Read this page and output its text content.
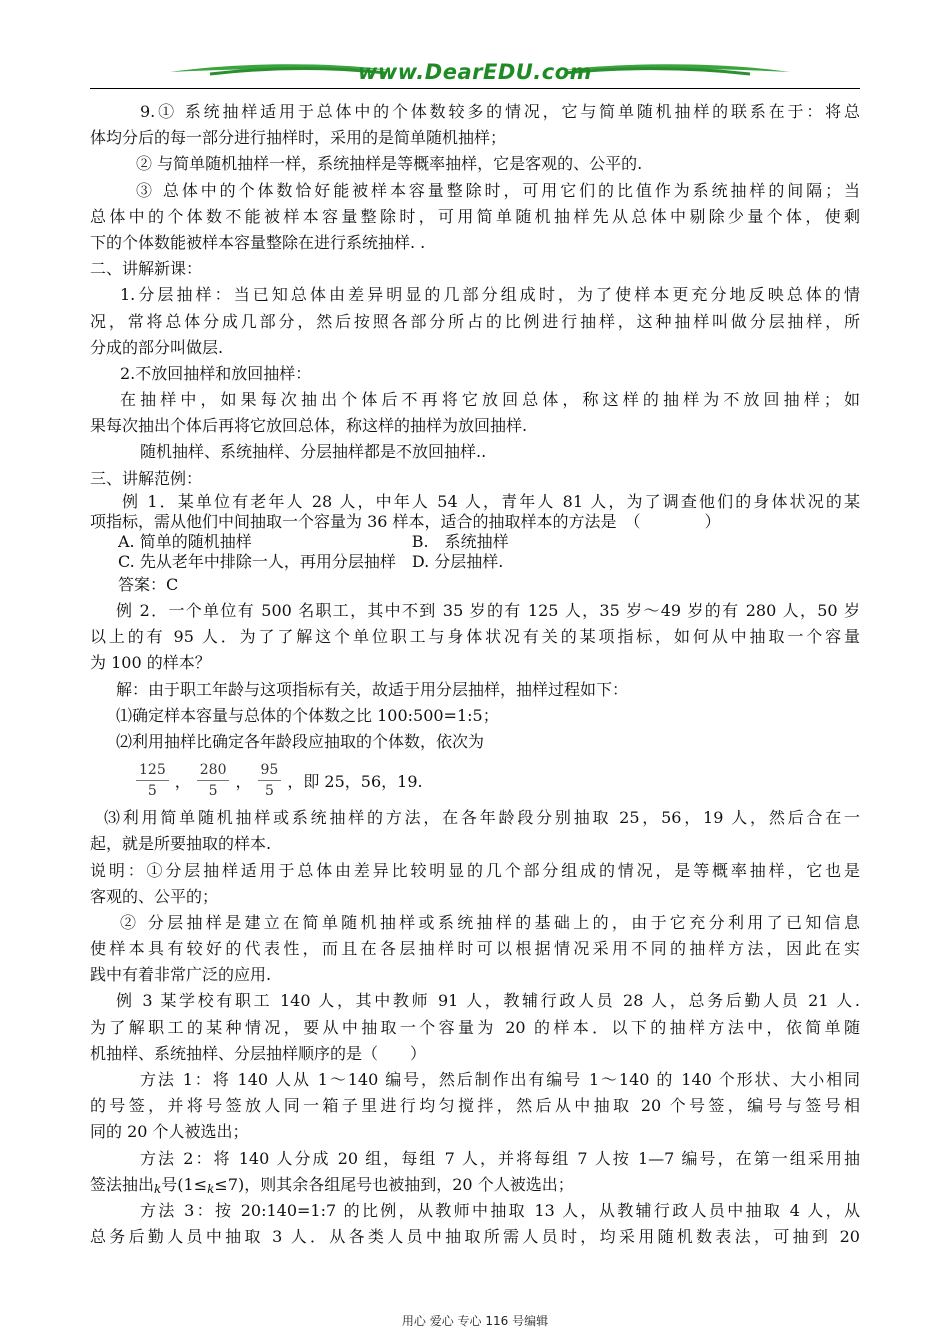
www.DearEDU.com
9.① 系统抽样适用于总体中的个体数较多的情况，它与简单随机抽样的联系在于：将总
体均分后的每一部分进行抽样时，采用的是简单随机抽样；
② 与简单随机抽样一样，系统抽样是等概率抽样，它是客观的、公平的.
③ 总体中的个体数恰好能被样本容量整除时，可用它们的比值作为系统抽样的间隔；当
总体中的个体数不能被样本容量整除时，可用简单随机抽样先从总体中剔除少量个体，使剩
下的个体数能被样本容量整除在进行系统抽样. .
二、讲解新课：
1.分层抽样：当已知总体由差异明显的几部分组成时，为了使样本更充分地反映总体的情
况，常将总体分成几部分，然后按照各部分所占的比例进行抽样，这种抽样叫做分层抽样，所
分成的部分叫做层.
2.不放回抽样和放回抽样：
在抽样中，如果每次抽出个体后不再将它放回总体，称这样的抽样为不放回抽样；如
果每次抽出个体后再将它放回总体，称这样的抽样为放回抽样.
随机抽样、系统抽样、分层抽样都是不放回抽样..
三、讲解范例：
例 1．某单位有老年人 28 人，中年人 54 人，青年人 81 人，为了调查他们的身体状况的某
项指标，需从他们中间抽取一个容量为 36 样本，适合的抽取样本的方法是　（　　　　）
A. 简单的随机抽样　　　　　　　　　　B.　系统抽样
C. 先从老年中排除一人，再用分层抽样　D. 分层抽样.
答案：C
例 2．一个单位有 500 名职工，其中不到 35 岁的有 125 人，35 岁～49 岁的有 280 人，50 岁
以上的有 95 人．为了了解这个单位职工与身体状况有关的某项指标，如何从中抽取一个容量
为 100 的样本？
解：由于职工年龄与这项指标有关，故适于用分层抽样，抽样过程如下：
⑴确定样本容量与总体的个体数之比 100:500=1:5；
⑵利用抽样比确定各年龄段应抽取的个体数，依次为
$\frac{125}{5}$ ， $\frac{280}{5}$ ， $\frac{95}{5}$ ，即 25，56，19.
⑶利用简单随机抽样或系统抽样的方法，在各年龄段分别抽取 25，56，19 人，然后合在一
起，就是所要抽取的样本.
说明：①分层抽样适用于总体由差异比较明显的几个部分组成的情况，是等概率抽样，它也是
客观的、公平的；
② 分层抽样是建立在简单随机抽样或系统抽样的基础上的，由于它充分利用了已知信息
使样本具有较好的代表性，而且在各层抽样时可以根据情况采用不同的抽样方法，因此在实
践中有着非常广泛的应用.
例 3 某学校有职工 140 人，其中教师 91 人，教辅行政人员 28 人，总务后勤人员 21 人.
为了解职工的某种情况，要从中抽取一个容量为 20 的样本．以下的抽样方法中，依简单随
机抽样、系统抽样、分层抽样顺序的是（　　）
方法 1：将 140 人从 1～140 编号，然后制作出有编号 1～140 的 140 个形状、大小相同
的号签，并将号签放人同一箱子里进行均匀搅拌，然后从中抽取 20 个号签，编号与签号相
同的 20 个人被选出；
方法 2：将 140 人分成 20 组，每组 7 人，并将每组 7 人按 1—7 编号，在第一组采用抽
签法抽出k号(1≤k≤7)，则其余各组尾号也被抽到，20 个人被选出；
方法 3：按 20:140=1:7 的比例，从教师中抽取 13 人，从教辅行政人员中抽取 4 人，从
总务后勤人员中抽取 3 人．从各类人员中抽取所需人员时，均采用随机数表法，可抽到 20
用心 爱心 专心 116 号编辑
